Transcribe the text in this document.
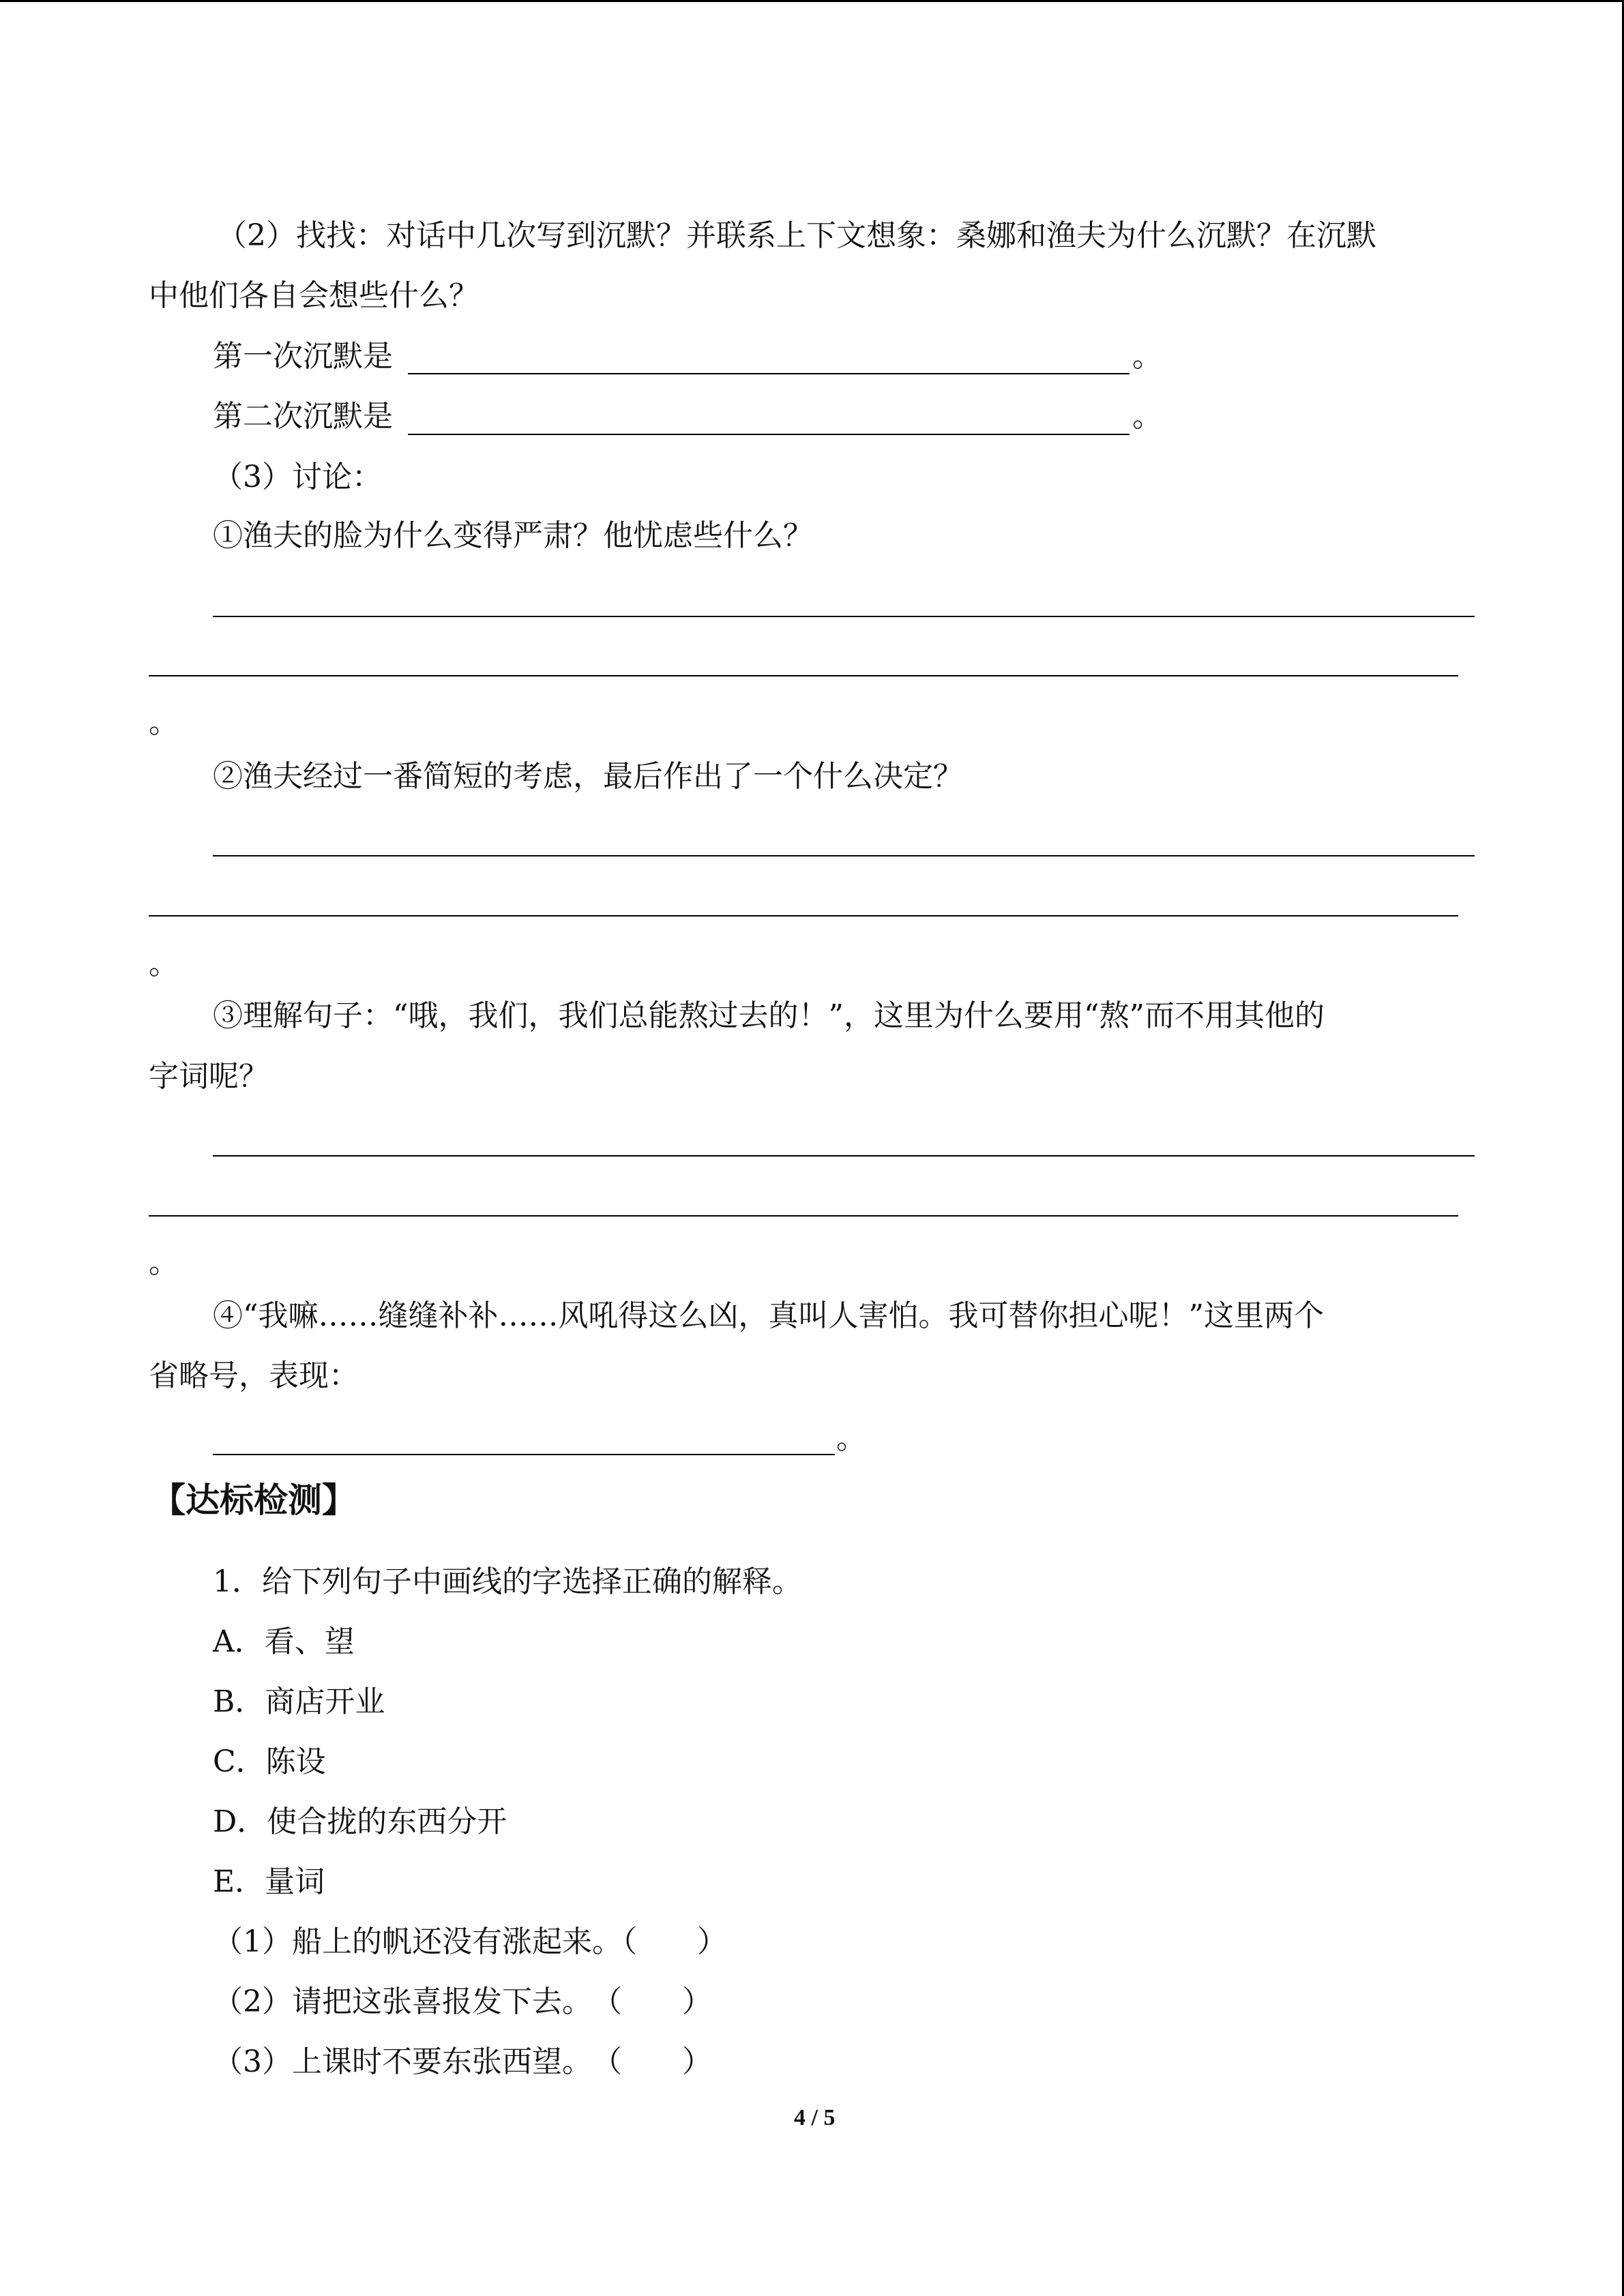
（2）找找：对话中几次写到沉默？并联系上下文想象：桑娜和渔夫为什么沉默？在沉默
中他们各自会想些什么？
第一次沉默是	。
第二次沉默是	。
（3）讨论：
①渔夫的脸为什么变得严肃？他忧虑些什么？
。
②渔夫经过一番简短的考虑，最后作出了一个什么决定？
。
③理解句子：“哦，我们，我们总能熬过去的！”，这里为什么要用“熬”而不用其他的
字词呢？
。
④“我嘛……缝缝补补……风吼得这么凶，真叫人害怕。我可替你担心呢！”这里两个
省略号，表现：
。
【达标检测】
1．给下列句子中画线的字选择正确的解释。
A．看、望
B．商店开业
C．陈设
D．使合拢的东西分开
E．量词
（1）船上的帆还没有涨起来。（　　）
（2）请把这张喜报发下去。　（　　）
（3）上课时不要东张西望。　（　　）
4 / 5
